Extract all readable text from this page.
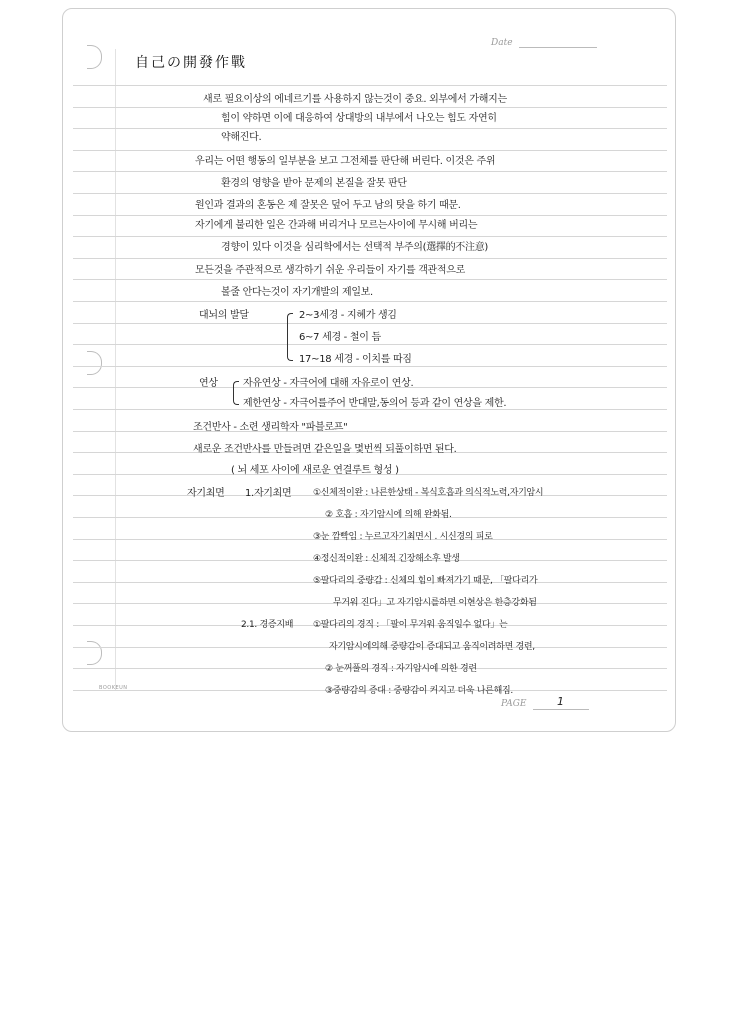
Date
自己の開發作戰
새로 필요이상의 에네르기를 사용하지 않는것이 중요. 외부에서 가해지는
힘이 약하면 이에 대응하여 상대방의 내부에서 나오는 힘도 자연히
약해진다.
우리는 어떤 행동의 일부분을 보고 그전체를 판단해 버린다. 이것은 주위
환경의 영향을 받아 문제의 본질을 잘못 판단
원인과 결과의 혼동은 제 잘못은 덮어 두고 남의 탓을 하기 때문.
자기에게 불리한 일은 간과해 버리거나 모르는사이에 무시해 버리는
경향이 있다 이것을 심리학에서는 선택적 부주의(選擇的不注意)
모든것을 주관적으로 생각하기 쉬운 우리들이 자기를 객관적으로
볼줄 안다는것이 자기개발의 제일보.
대뇌의 발달	2~3세경 - 지혜가 생김
6~7 세경 - 철이 듬
17~18 세경 - 이치를 따짐
연상	자유연상 - 자극어에 대해 자유로이 연상.
제한연상 - 자극어를주어 반대말,동의어 등과 같이 연상을 제한.
조건반사 - 소련 생리학자 "파블로프"
새로운 조건반사를 만들려면 같은일을 몇번씩 되풀이하면 된다.
( 뇌 세포 사이에 새로운 연결루트 형성 )
자기최면 1.자기최면 ①신체적이완 : 나른한상태 - 복식호흡과 의식적노력,자기암시
② 호흡 : 자기암시에 의해 완화됨.
③눈 깜빡임 : 누르고자기최면시 . 시신경의 피로
④정신적이완 : 신체적 긴장해소후 발생
⑤팔다리의 중량감 : 신체의 힘이 빠져가기 때문, 「팔다리가
무거워 진다」고 자기암시를하면 이현상은 한층강화됨
2.1. 경증지배 ①팔다리의 경직 : 「팔이 무거워 움직일수 없다」는
자기암시에의해 중량감이 증대되고 움직이려하면 경련,
② 눈꺼풀의 경직 : 자기암시에 의한 경련
③중량감의 증대 : 중량감이 커지고 더욱 나른해짐.
BOOKEUN
PAGE	1
